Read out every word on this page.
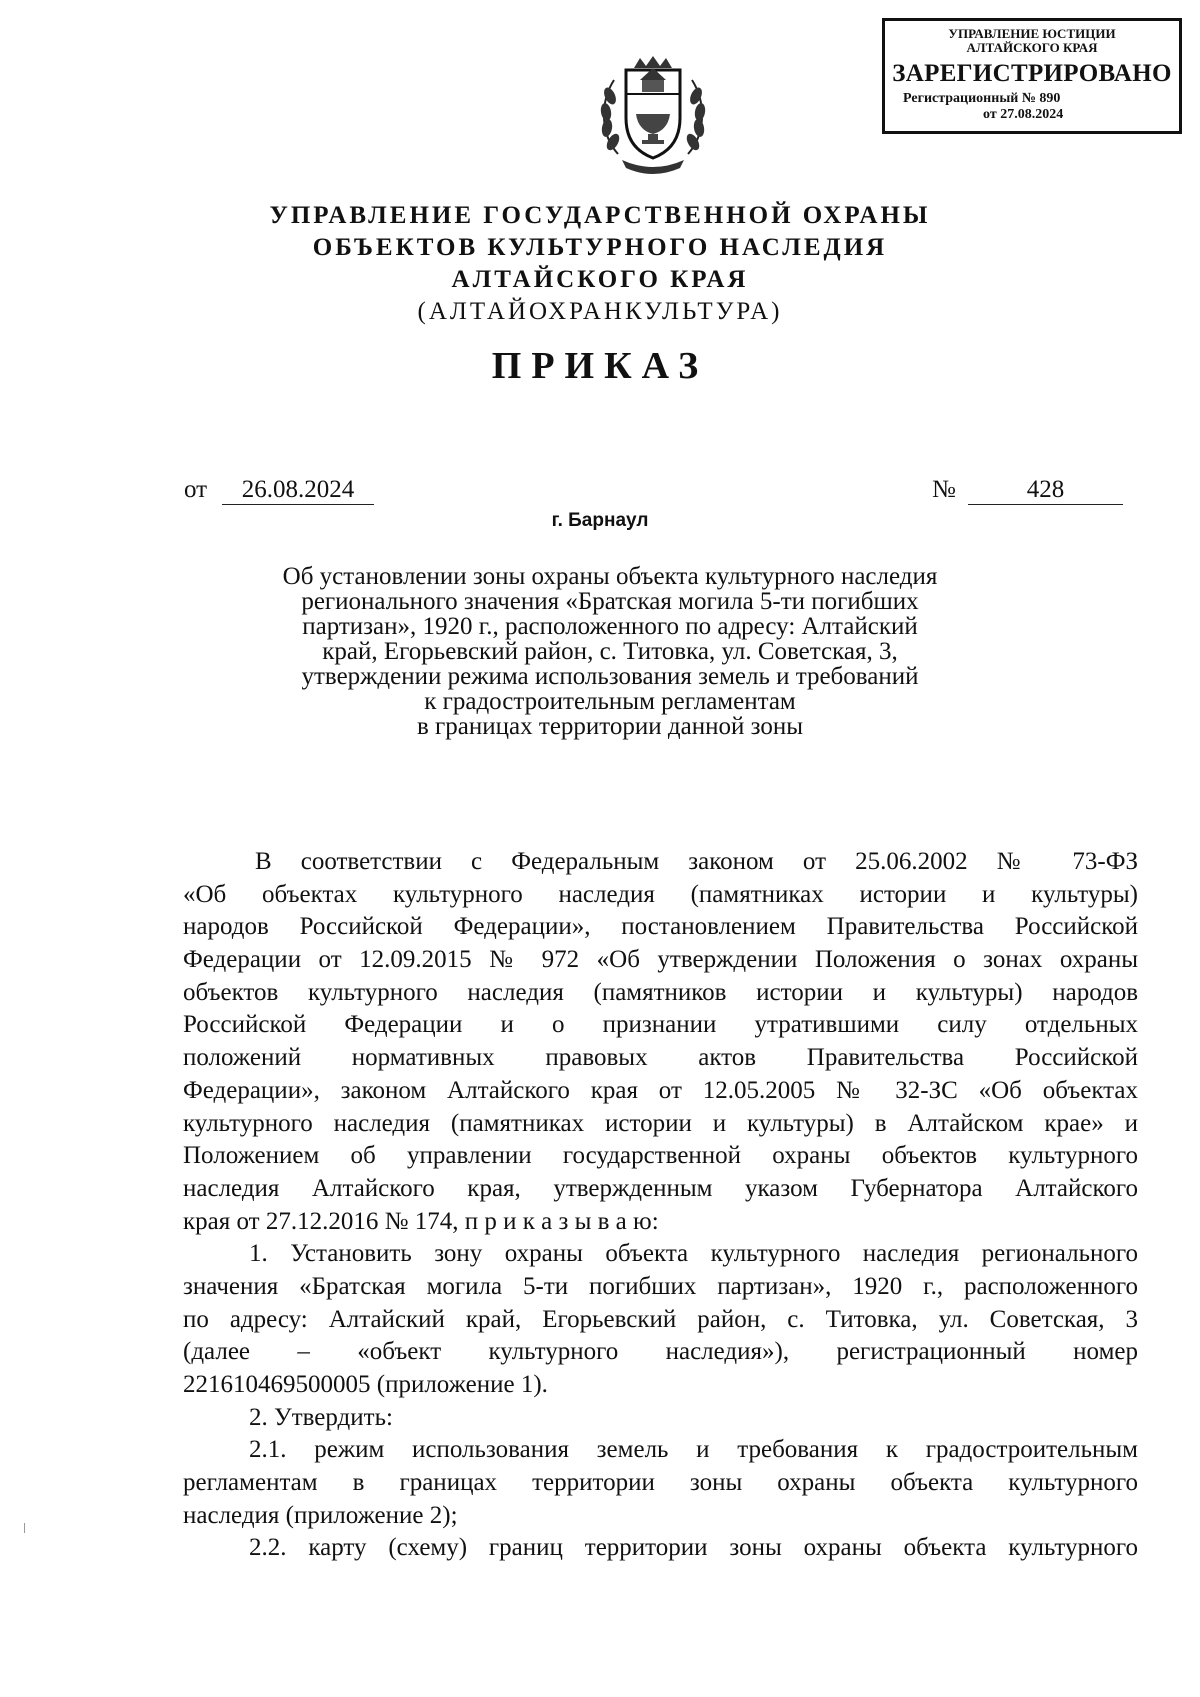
УПРАВЛЕНИЕ ЮСТИЦИИ
АЛТАЙСКОГО КРАЯ
ЗАРЕГИСТРИРОВАНО
Регистрационный № 890
от 27.08.2024
УПРАВЛЕНИЕ ГОСУДАРСТВЕННОЙ ОХРАНЫ
ОБЪЕКТОВ КУЛЬТУРНОГО НАСЛЕДИЯ
АЛТАЙСКОГО КРАЯ
(АЛТАЙОХРАНКУЛЬТУРА)
ПРИКАЗ
от	26.08.2024	№	428
г. Барнаул
Об установлении зоны охраны объекта культурного наследия
регионального значения «Братская могила 5-ти погибших
партизан», 1920 г., расположенного по адресу: Алтайский
край, Егорьевский район, с. Титовка, ул. Советская, 3,
утверждении режима использования земель и требований
к градостроительным регламентам
в границах территории данной зоны
В соответствии с Федеральным законом от 25.06.2002 № 73-ФЗ
«Об объектах культурного наследия (памятниках истории и культуры)
народов Российской Федерации», постановлением Правительства Российской
Федерации от 12.09.2015 № 972 «Об утверждении Положения о зонах охраны
объектов культурного наследия (памятников истории и культуры) народов
Российской Федерации и о признании утратившими силу отдельных
положений нормативных правовых актов Правительства Российской
Федерации», законом Алтайского края от 12.05.2005 № 32-ЗС «Об объектах
культурного наследия (памятниках истории и культуры) в Алтайском крае» и
Положением об управлении государственной охраны объектов культурного
наследия Алтайского края, утвержденным указом Губернатора Алтайского
края от 27.12.2016 № 174, п р и к а з ы в а ю:
1. Установить зону охраны объекта культурного наследия регионального
значения «Братская могила 5-ти погибших партизан», 1920 г., расположенного
по адресу: Алтайский край, Егорьевский район, с. Титовка, ул. Советская, 3
(далее – «объект культурного наследия»), регистрационный номер
221610469500005 (приложение 1).
2. Утвердить:
2.1. режим использования земель и требования к градостроительным
регламентам в границах территории зоны охраны объекта культурного
наследия (приложение 2);
2.2. карту (схему) границ территории зоны охраны объекта культурного
